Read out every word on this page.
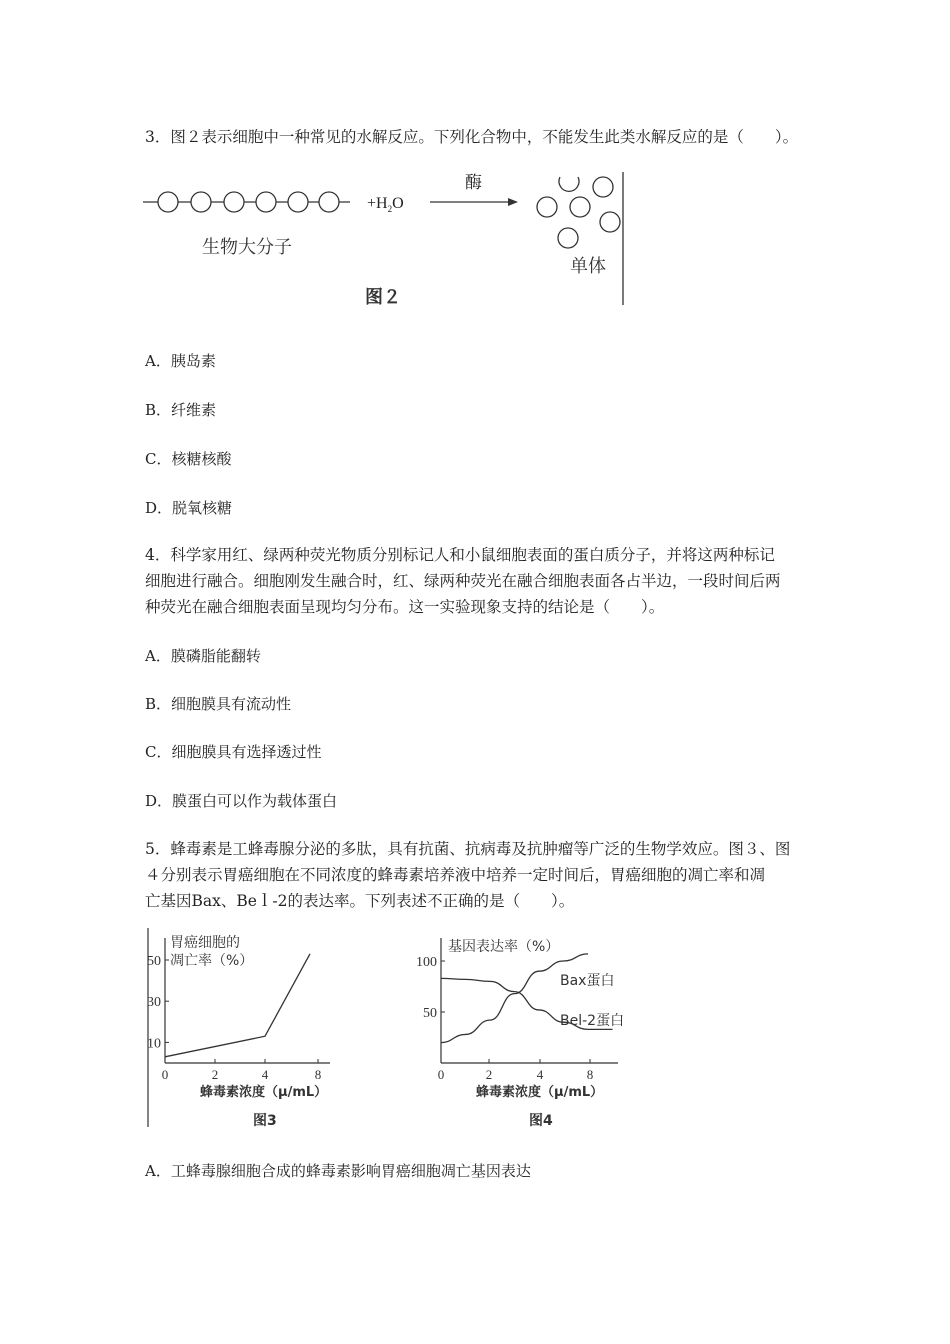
3．图２表示细胞中一种常见的水解反应。下列化合物中，不能发生此类水解反应的是（　　）。
$+H_2O$
酶
生物大分子
单体
图２
A．胰岛素
B．纤维素
C．核糖核酸
D．脱氧核糖
4．科学家用红、绿两种荧光物质分别标记人和小鼠细胞表面的蛋白质分子，并将这两种标记
细胞进行融合。细胞刚发生融合时，红、绿两种荧光在融合细胞表面各占半边，一段时间后两
种荧光在融合细胞表面呈现均匀分布。这一实验现象支持的结论是（　　）。
A．膜磷脂能翻转
B．细胞膜具有流动性
C．细胞膜具有选择透过性
D．膜蛋白可以作为载体蛋白
5．蜂毒素是工蜂毒腺分泌的多肽，具有抗菌、抗病毒及抗肿瘤等广泛的生物学效应。图３、图
４分别表示胃癌细胞在不同浓度的蜂毒素培养液中培养一定时间后，胃癌细胞的凋亡率和凋
亡基因Bax、Beｌ-2的表达率。下列表述不正确的是（　　）。
胃癌细胞的
凋亡率（%）
0	2	4	8
10
30
50
蜂毒素浓度（μ/mL）
图3
基因表达率（%）
0	2	4	8
50
100
Bax蛋白
Bel-2蛋白
蜂毒素浓度（μ/mL）
图4
A．工蜂毒腺细胞合成的蜂毒素影响胃癌细胞凋亡基因表达
